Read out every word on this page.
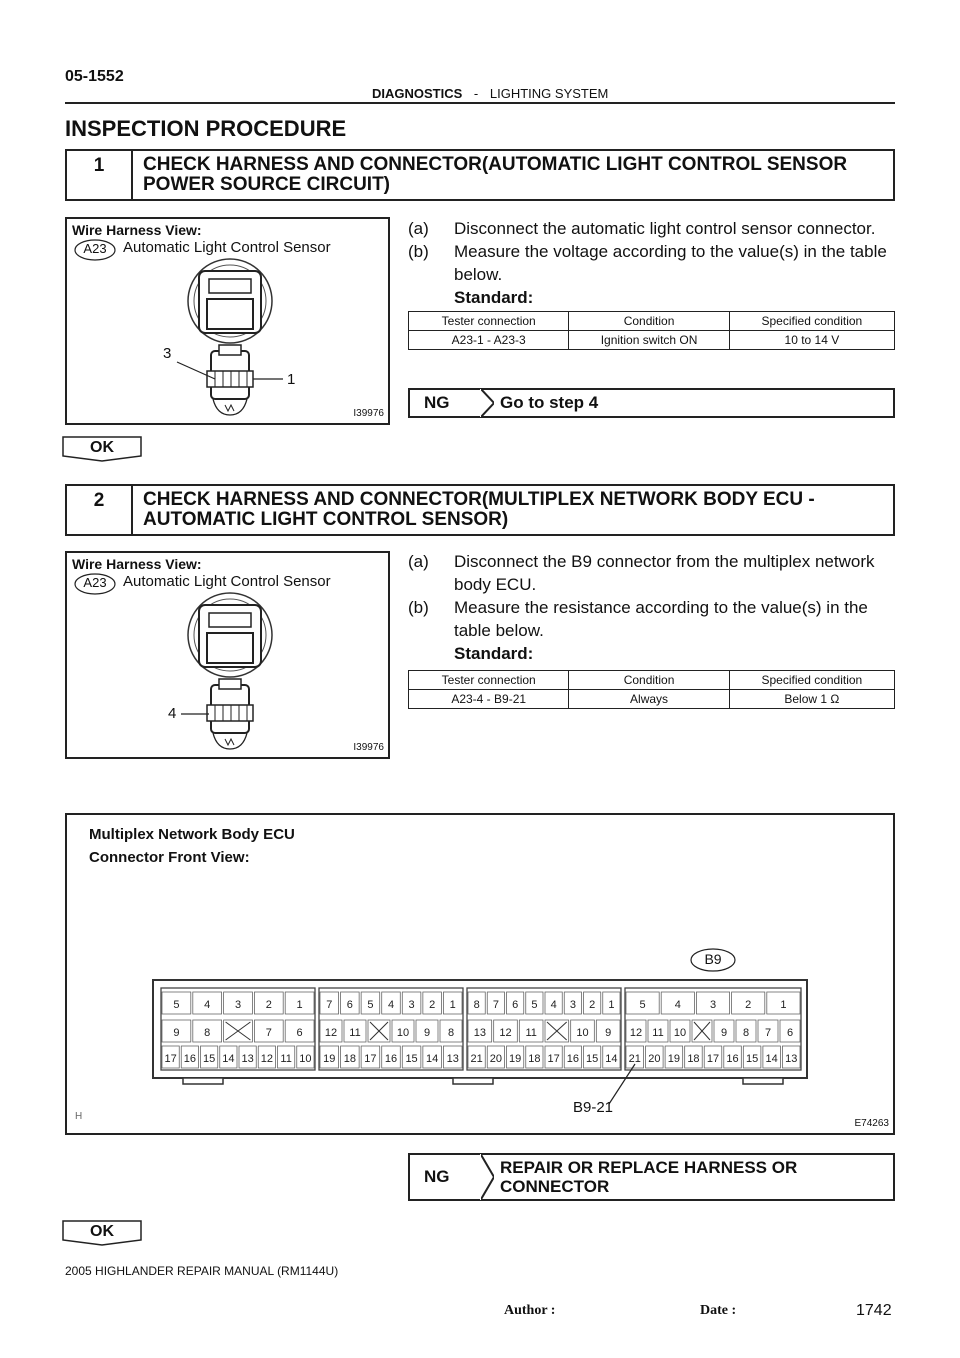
05-1552
DIAGNOSTICS - LIGHTING SYSTEM
INSPECTION PROCEDURE
1	CHECK HARNESS AND CONNECTOR(AUTOMATIC LIGHT CONTROL SENSOR
POWER SOURCE CIRCUIT)
Wire Harness View:
A23	Automatic Light Control Sensor
3
1
I39976
(a) Disconnect the automatic light control sensor connector.
(b) Measure the voltage according to the value(s) in the table
below.
Standard:
Tester connection	Condition	Specified condition
A23-1 - A23-3	Ignition switch ON	10 to 14 V
NG	Go to step 4
OK
2	CHECK HARNESS AND CONNECTOR(MULTIPLEX NETWORK BODY ECU -
AUTOMATIC LIGHT CONTROL SENSOR)
Wire Harness View:
A23	Automatic Light Control Sensor
4
I39976
(a) Disconnect the B9 connector from the multiplex network
body ECU.
(b) Measure the resistance according to the value(s) in the
table below.
Standard:
Tester connection	Condition	Specified condition
A23-4 - B9-21	Always	Below 1 Ω
Multiplex Network Body ECU
Connector Front View:
B9
5 4 3 2 1
9 8	7 6
17 16 15 14 13 12 11 10
7 6 5 4 3 2 1
12 11	10 9 8
19 18 17 16 15 14 13
8 7 6 5 4 3 2 1
13 12 11	10 9
21 20 19 18 17 16 15 14
5	4	3	2	1
12 11 10	9 8 7 6
21 20 19 18 17 16 15 14 13
B9-21
H
E74263
NG	REPAIR OR REPLACE HARNESS OR
CONNECTOR
OK
2005 HIGHLANDER REPAIR MANUAL (RM1144U)
Author :	Date :	1742
